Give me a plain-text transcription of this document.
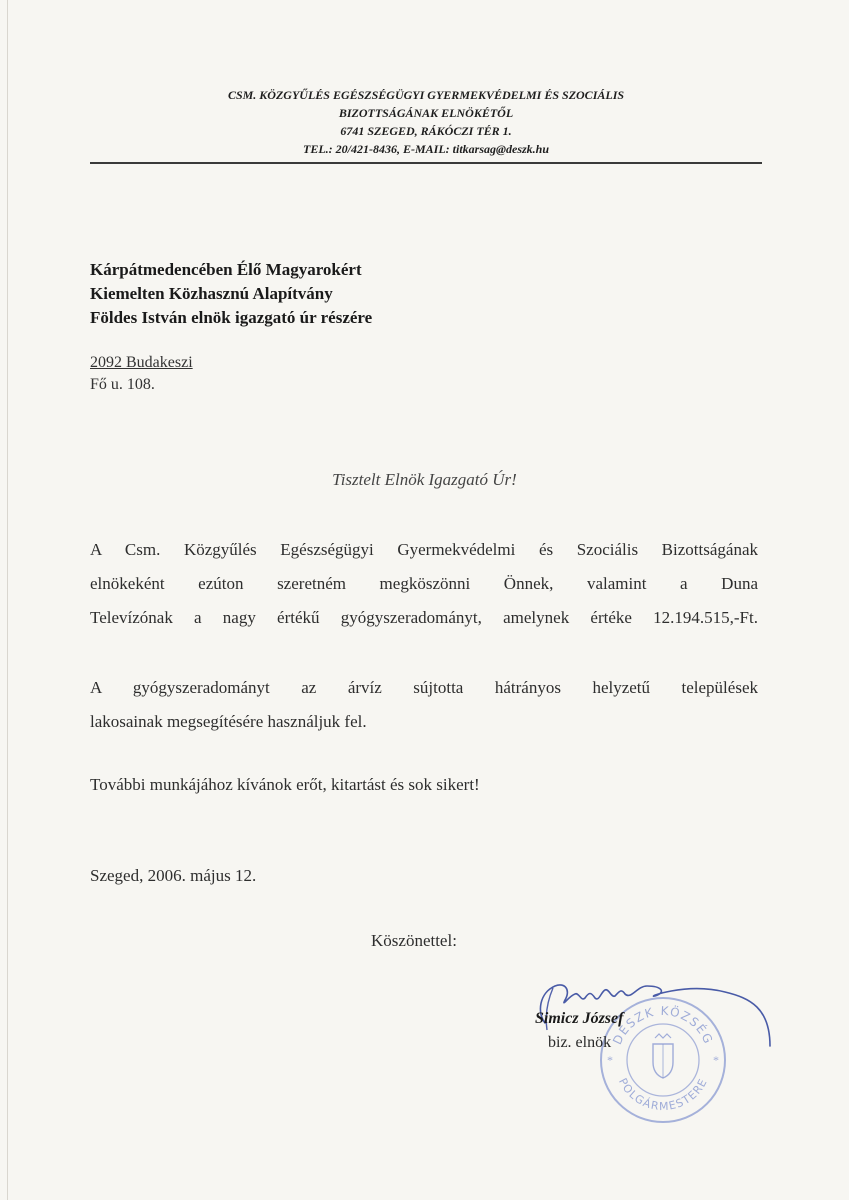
CSM. KÖZGYŰLÉS EGÉSZSÉGÜGYI GYERMEKVÉDELMI ÉS SZOCIÁLIS
BIZOTTSÁGÁNAK ELNÖKÉTŐL
6741 SZEGED, RÁKÓCZI TÉR 1.
TEL.: 20/421-8436, E-MAIL: titkarsag@deszk.hu
Kárpátmedencében Élő Magyarokért
Kiemelten Közhasznú Alapítvány
Földes István elnök igazgató úr részére
2092 Budakeszi
Fő u. 108.
Tisztelt Elnök Igazgató Úr!
A Csm. Közgyűlés Egészségügyi Gyermekvédelmi és Szociális Bizottságának
elnökeként ezúton szeretném megköszönni Önnek, valamint a Duna
Televízónak a nagy értékű gyógyszeradományt, amelynek értéke 12.194.515,-Ft.
A gyógyszeradományt az árvíz sújtotta hátrányos helyzetű települések
lakosainak megsegítésére használjuk fel.
További munkájához kívánok erőt, kitartást és sok sikert!
Szeged, 2006. május 12.
Köszönettel:
DESZK KÖZSÉG
POLGÁRMESTERE
*	*
Simicz József
biz. elnök
